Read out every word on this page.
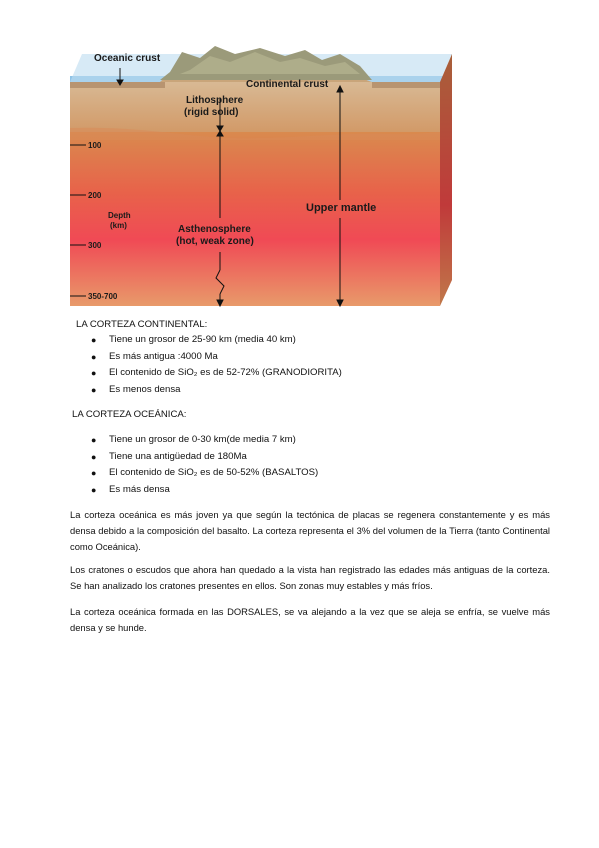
Oceanic crust
Continental crust
Lithosphere
(rigid solid)
Asthenosphere
(hot, weak zone)
Upper mantle
Depth
(km)
100
200
300
350-700
LA CORTEZA CONTINENTAL:
● Tiene un grosor de 25-90 km (media 40 km)
● Es más antigua :4000 Ma
● El contenido de SiO₂ es de 52-72% (GRANODIORITA)
● Es menos densa
LA CORTEZA OCEÁNICA:
● Tiene un grosor de 0-30 km(de media 7 km)
● Tiene una antigüedad de 180Ma
● El contenido de SiO₂ es de 50-52% (BASALTOS)
● Es más densa
La corteza oceánica es más joven ya que según la tectónica de placas se regenera constantemente y es más densa debido a la composición del basalto. La corteza representa el 3% del volumen de la Tierra (tanto Continental como Oceánica).
Los cratones o escudos que ahora han quedado a la vista han registrado las edades más antiguas de la corteza. Se han analizado los cratones presentes en ellos. Son zonas muy estables y más fríos.
La corteza oceánica formada en las DORSALES, se va alejando a la vez que se aleja se enfría, se vuelve más densa y se hunde.
